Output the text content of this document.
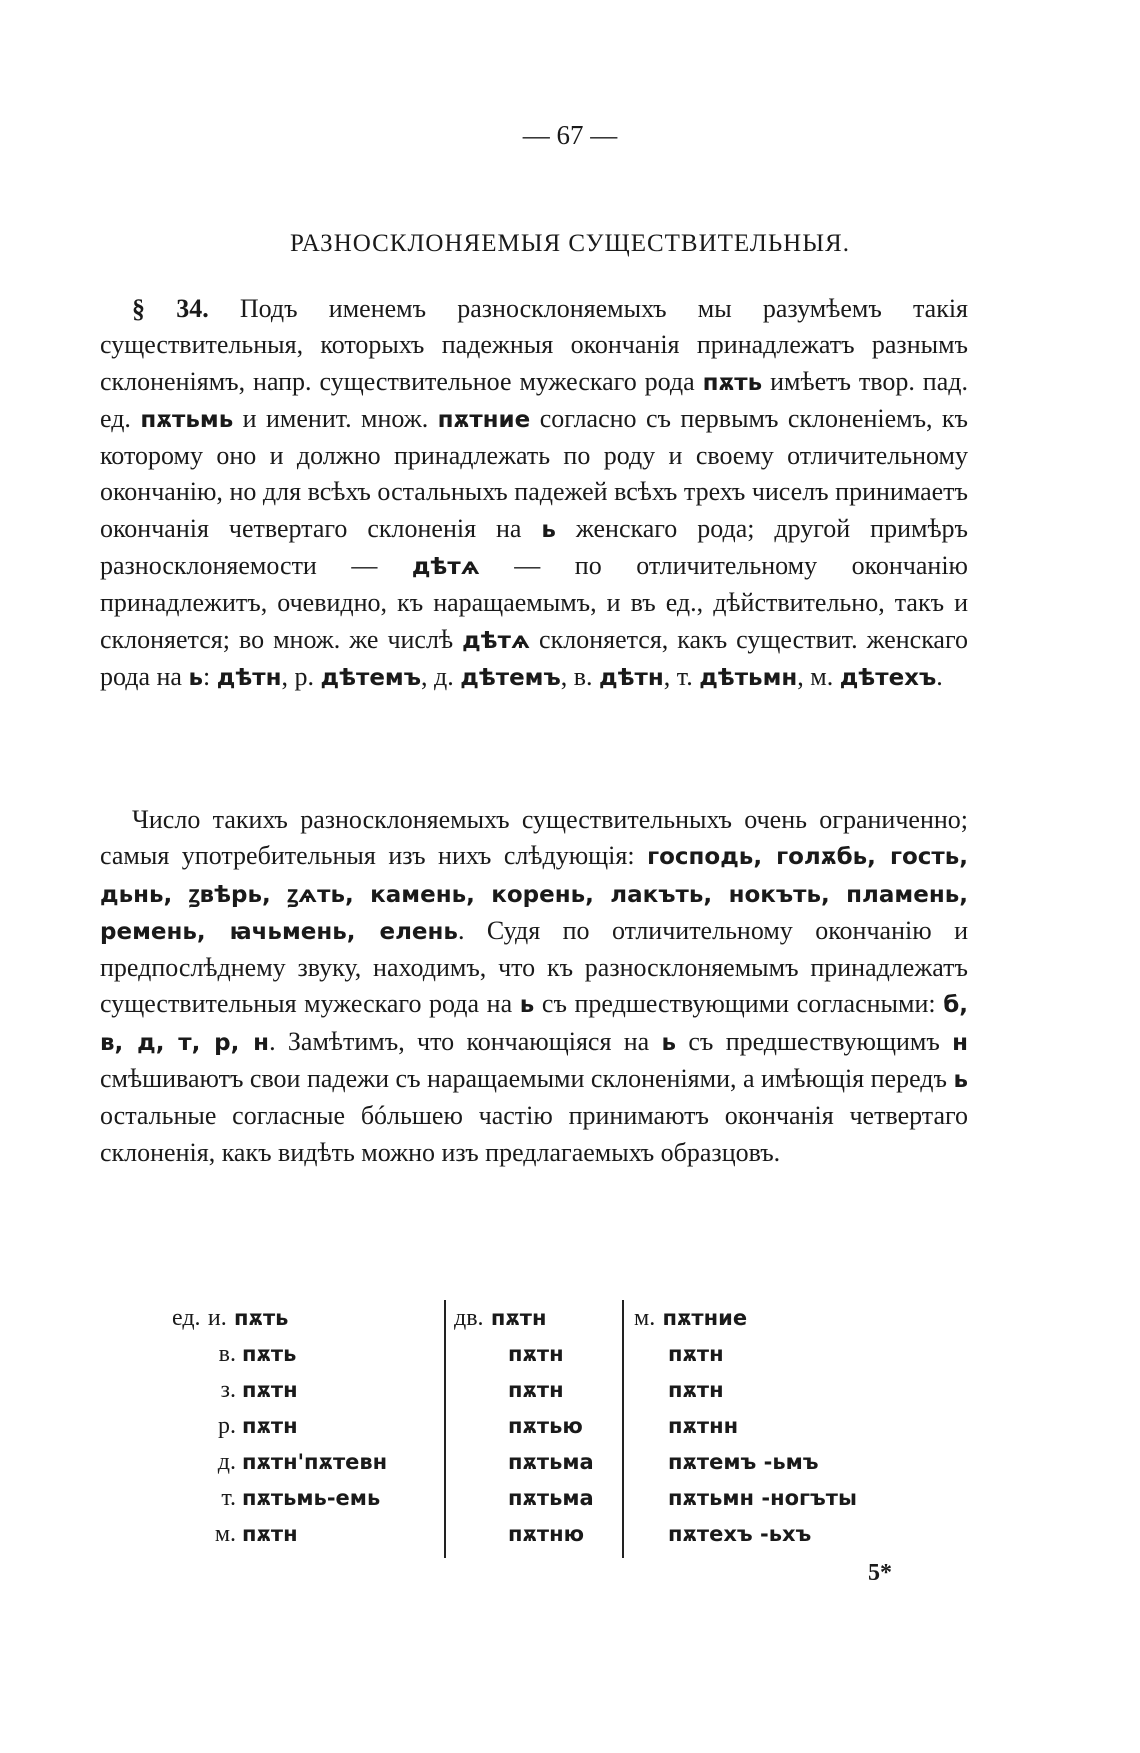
— 67 —
РАЗНОСКЛОНЯЕМЫЯ СУЩЕСТВИТЕЛЬНЫЯ.
§ 34. Подъ именемъ разносклоняемыхъ мы разумѣемъ такія существительныя, которыхъ падежныя окончанія принадлежатъ разнымъ склоненіямъ, напр. существительное мужескаго рода пѫть имѣетъ твор. пад. ед. пѫтьмь и именит. множ. пѫтние согласно съ первымъ склоненіемъ, къ которому оно и должно принадлежать по роду и своему отличительному окончанію, но для всѣхъ остальныхъ падежей всѣхъ трехъ чиселъ принимаетъ окончанія четвертаго склоненія на ь женскаго рода; другой примѣръ разносклоняемости — дѣтѧ — по отличительному окончанію принадлежитъ, очевидно, къ наращаемымъ, и въ ед., дѣйствительно, такъ и склоняется; во множ. же числѣ дѣтѧ склоняется, какъ существит. женскаго рода на ь: дѣтн, р. дѣтемъ, д. дѣтемъ, в. дѣтн, т. дѣтьмн, м. дѣтехъ.
Число такихъ разносклоняемыхъ существительныхъ очень ограниченно; самыя употребительныя изъ нихъ слѣдующія: господь, голѫбь, гость, дьнь, ꙁвѣрь, ꙁѧть, камень, корень, лакъть, нокъть, пламень, ремень, ꙗчьмень, елень. Судя по отличительному окончанію и предпослѣднему звуку, находимъ, что къ разносклоняемымъ принадлежатъ существительныя мужескаго рода на ь съ предшествующими согласными: б, в, д, т, р, н. Замѣтимъ, что кончающіяся на ь съ предшествующимъ н смѣшиваютъ свои падежи съ наращаемыми склоненіями, а имѣющія передъ ь остальные согласные бóльшею частію принимаютъ окончанія четвертаго склоненія, какъ видѣть можно изъ предлагаемыхъ образцовъ.
ед. и. пѫть
в. пѫть
з. пѫтн
р. пѫтн
д. пѫтн'пѫтевн
т. пѫтьмь-емь
м. пѫтн
дв. пѫтн
пѫтн
пѫтн
пѫтью
пѫтьма
пѫтьма
пѫтню
м. пѫтние
пѫтн
пѫтн
пѫтнн
пѫтемъ -ьмъ
пѫтьмн -ногъты
пѫтехъ -ьхъ
5*
